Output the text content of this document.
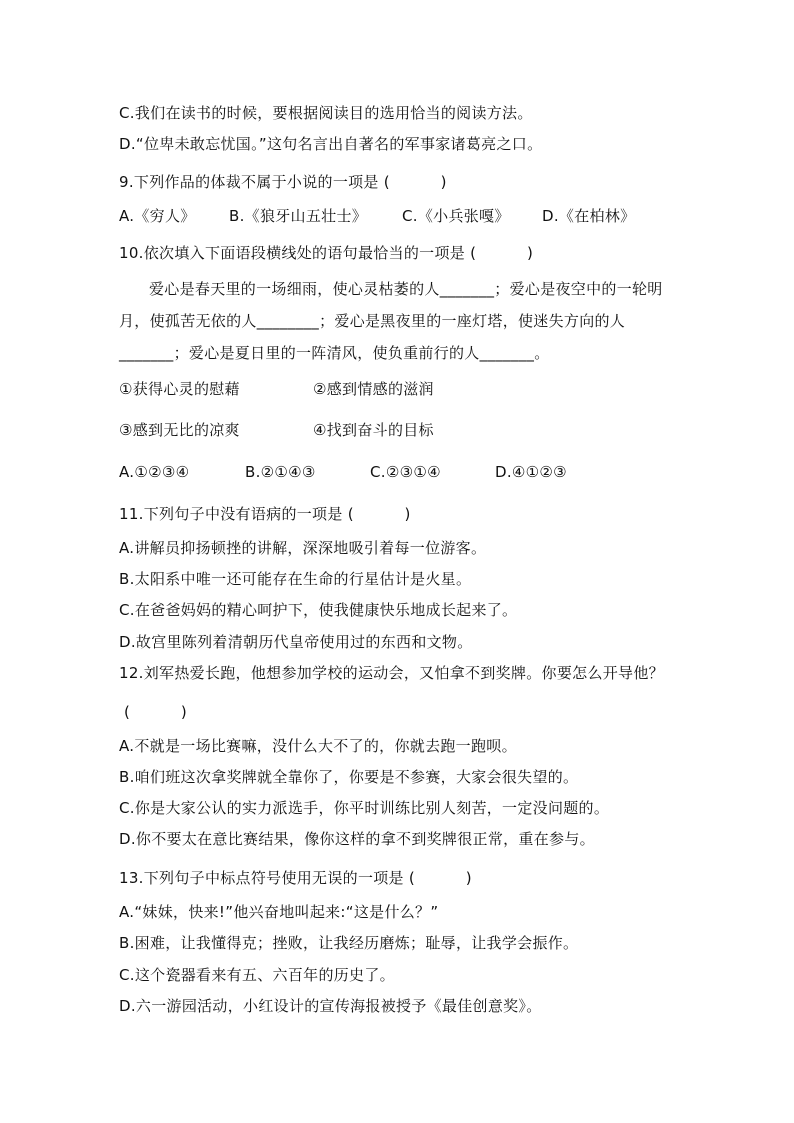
C.我们在读书的时候，要根据阅读目的选用恰当的阅读方法。
D.“位卑未敢忘忧国。”这句名言出自著名的军事家诸葛亮之口。
9.下列作品的体裁不属于小说的一项是 (          )
A.《穷人》 B.《狼牙山五壮士》 C.《小兵张嘎》 D.《在柏林》
10.依次填入下面语段横线处的语句最恰当的一项是 (          )
爱心是春天里的一场细雨，使心灵枯萎的人_______；爱心是夜空中的一轮明月，使孤苦无依的人________；爱心是黑夜里的一座灯塔，使迷失方向的人_______；爱心是夏日里的一阵清风，使负重前行的人_______。
①获得心灵的慰藉	②感到情感的滋润
③感到无比的凉爽	④找到奋斗的目标
A.①②③④	B.②①④③	C.②③①④	D.④①②③
11.下列句子中没有语病的一项是 (          )
A.讲解员抑扬顿挫的讲解，深深地吸引着每一位游客。
B.太阳系中唯一还可能存在生命的行星估计是火星。
C.在爸爸妈妈的精心呵护下，使我健康快乐地成长起来了。
D.故宫里陈列着清朝历代皇帝使用过的东西和文物。
12.刘军热爱长跑，他想参加学校的运动会，又怕拿不到奖牌。你要怎么开导他？
(          )
A.不就是一场比赛嘛，没什么大不了的，你就去跑一跑呗。
B.咱们班这次拿奖牌就全靠你了，你要是不参赛，大家会很失望的。
C.你是大家公认的实力派选手，你平时训练比别人刻苦，一定没问题的。
D.你不要太在意比赛结果，像你这样的拿不到奖牌很正常，重在参与。
13.下列句子中标点符号使用无误的一项是 (          )
A.“妹妹，快来!”他兴奋地叫起来:“这是什么？”
B.困难，让我懂得克；挫败，让我经历磨炼；耻辱，让我学会振作。
C.这个瓷器看来有五、六百年的历史了。
D.六一游园活动，小红设计的宣传海报被授予《最佳创意奖》。
